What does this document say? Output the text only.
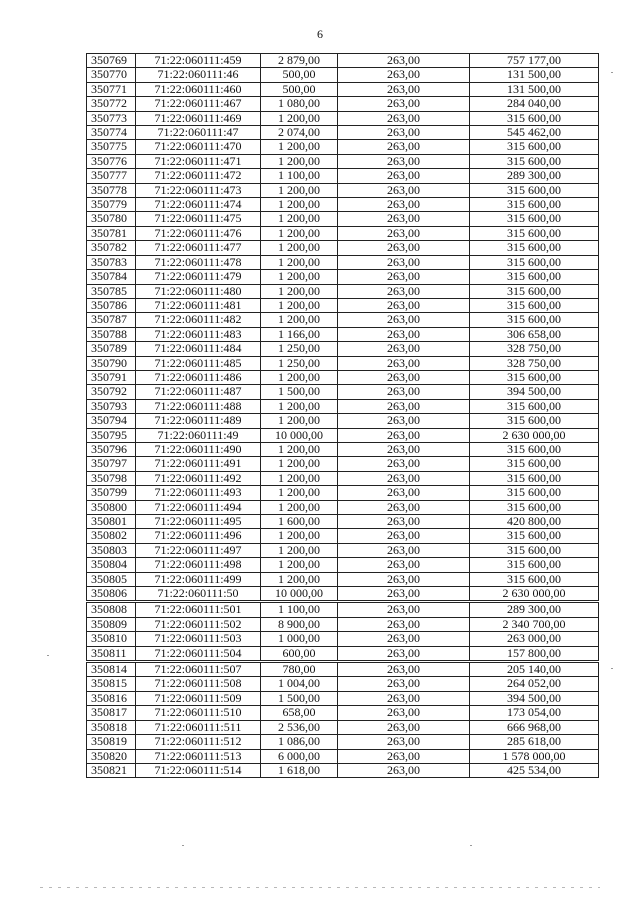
6
350769	71:22:060111:459	2 879,00	263,00	757 177,00
350770	71:22:060111:46	500,00	263,00	131 500,00
350771	71:22:060111:460	500,00	263,00	131 500,00
350772	71:22:060111:467	1 080,00	263,00	284 040,00
350773	71:22:060111:469	1 200,00	263,00	315 600,00
350774	71:22:060111:47	2 074,00	263,00	545 462,00
350775	71:22:060111:470	1 200,00	263,00	315 600,00
350776	71:22:060111:471	1 200,00	263,00	315 600,00
350777	71:22:060111:472	1 100,00	263,00	289 300,00
350778	71:22:060111:473	1 200,00	263,00	315 600,00
350779	71:22:060111:474	1 200,00	263,00	315 600,00
350780	71:22:060111:475	1 200,00	263,00	315 600,00
350781	71:22:060111:476	1 200,00	263,00	315 600,00
350782	71:22:060111:477	1 200,00	263,00	315 600,00
350783	71:22:060111:478	1 200,00	263,00	315 600,00
350784	71:22:060111:479	1 200,00	263,00	315 600,00
350785	71:22:060111:480	1 200,00	263,00	315 600,00
350786	71:22:060111:481	1 200,00	263,00	315 600,00
350787	71:22:060111:482	1 200,00	263,00	315 600,00
350788	71:22:060111:483	1 166,00	263,00	306 658,00
350789	71:22:060111:484	1 250,00	263,00	328 750,00
350790	71:22:060111:485	1 250,00	263,00	328 750,00
350791	71:22:060111:486	1 200,00	263,00	315 600,00
350792	71:22:060111:487	1 500,00	263,00	394 500,00
350793	71:22:060111:488	1 200,00	263,00	315 600,00
350794	71:22:060111:489	1 200,00	263,00	315 600,00
350795	71:22:060111:49	10 000,00	263,00	2 630 000,00
350796	71:22:060111:490	1 200,00	263,00	315 600,00
350797	71:22:060111:491	1 200,00	263,00	315 600,00
350798	71:22:060111:492	1 200,00	263,00	315 600,00
350799	71:22:060111:493	1 200,00	263,00	315 600,00
350800	71:22:060111:494	1 200,00	263,00	315 600,00
350801	71:22:060111:495	1 600,00	263,00	420 800,00
350802	71:22:060111:496	1 200,00	263,00	315 600,00
350803	71:22:060111:497	1 200,00	263,00	315 600,00
350804	71:22:060111:498	1 200,00	263,00	315 600,00
350805	71:22:060111:499	1 200,00	263,00	315 600,00
350806	71:22:060111:50	10 000,00	263,00	2 630 000,00
350808	71:22:060111:501	1 100,00	263,00	289 300,00
350809	71:22:060111:502	8 900,00	263,00	2 340 700,00
350810	71:22:060111:503	1 000,00	263,00	263 000,00
350811	71:22:060111:504	600,00	263,00	157 800,00
350814	71:22:060111:507	780,00	263,00	205 140,00
350815	71:22:060111:508	1 004,00	263,00	264 052,00
350816	71:22:060111:509	1 500,00	263,00	394 500,00
350817	71:22:060111:510	658,00	263,00	173 054,00
350818	71:22:060111:511	2 536,00	263,00	666 968,00
350819	71:22:060111:512	1 086,00	263,00	285 618,00
350820	71:22:060111:513	6 000,00	263,00	1 578 000,00
350821	71:22:060111:514	1 618,00	263,00	425 534,00
